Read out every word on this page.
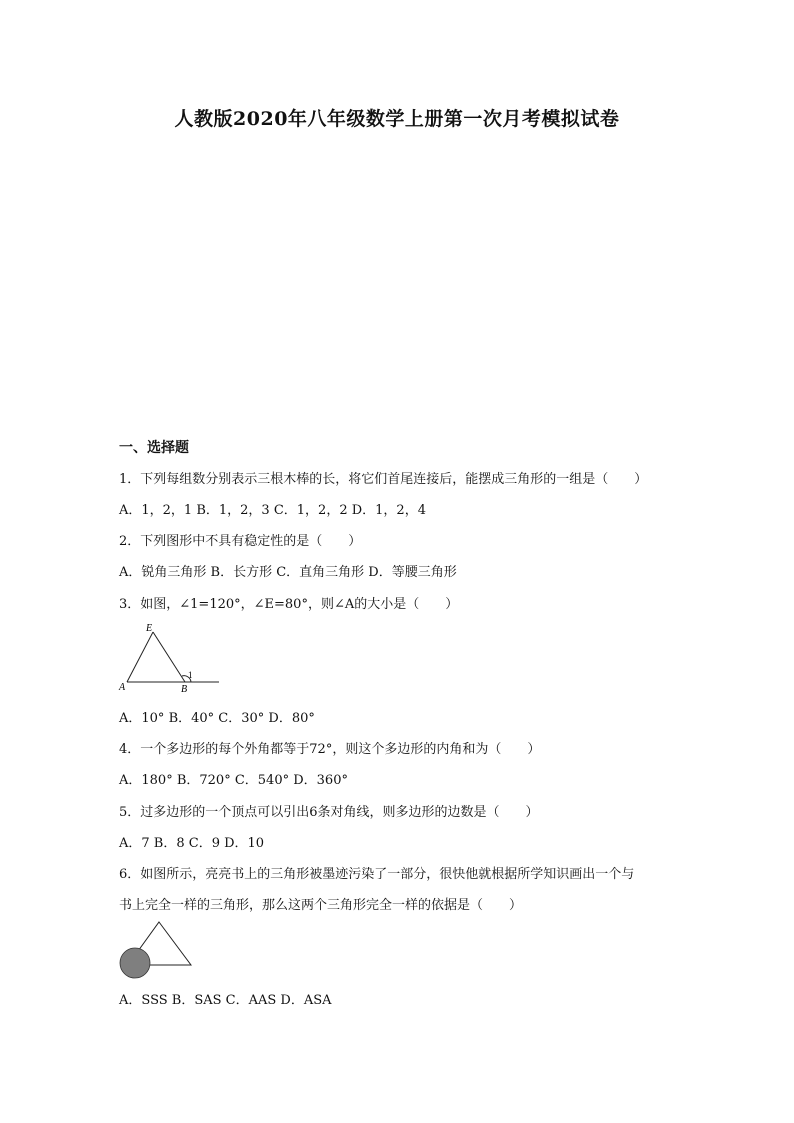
人教版2020年八年级数学上册第一次月考模拟试卷
一、选择题
1．下列每组数分别表示三根木棒的长，将它们首尾连接后，能摆成三角形的一组是（　　）
A．1，2，1 B．1，2，3 C．1，2，2 D．1，2，4
2．下列图形中不具有稳定性的是（　　）
A．锐角三角形 B．长方形 C．直角三角形 D．等腰三角形
3．如图，∠1=120°，∠E=80°，则∠A的大小是（　　）
E
A	B
1
A．10° B．40° C．30° D．80°
4．一个多边形的每个外角都等于72°，则这个多边形的内角和为（　　）
A．180° B．720° C．540° D．360°
5．过多边形的一个顶点可以引出6条对角线，则多边形的边数是（　　）
A．7 B．8 C．9 D．10
6．如图所示，亮亮书上的三角形被墨迹污染了一部分，很快他就根据所学知识画出一个与
书上完全一样的三角形，那么这两个三角形完全一样的依据是（　　）
A．SSS B．SAS C．AAS D．ASA
